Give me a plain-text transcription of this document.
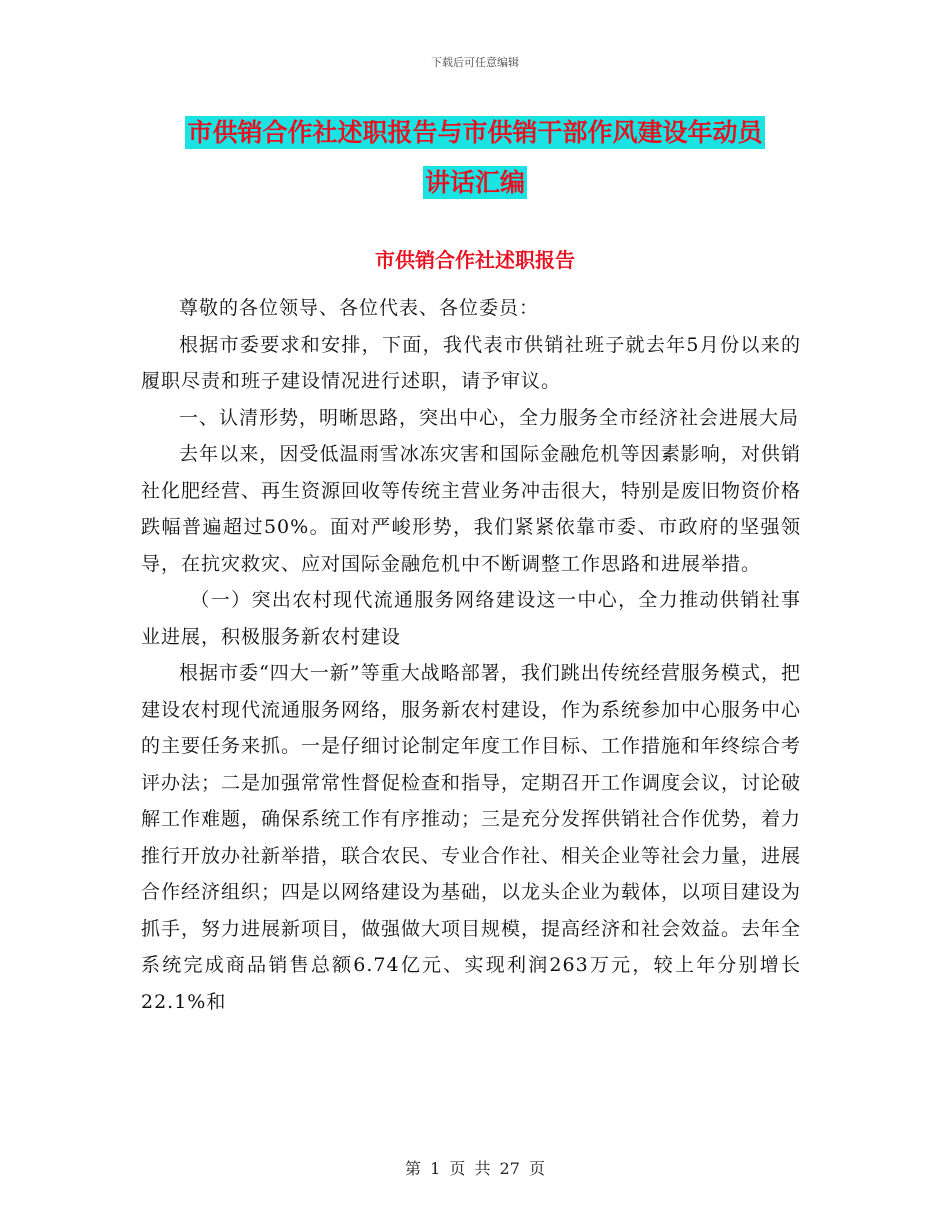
下载后可任意编辑
市供销合作社述职报告与市供销干部作风建设年动员
讲话汇编
市供销合作社述职报告

尊敬的各位领导、各位代表、各位委员：

根据市委要求和安排，下面，我代表市供销社班子就去年5月份以来的履职尽责和班子建设情况进行述职，请予审议。

一、认清形势，明晰思路，突出中心，全力服务全市经济社会进展大局

去年以来，因受低温雨雪冰冻灾害和国际金融危机等因素影响，对供销社化肥经营、再生资源回收等传统主营业务冲击很大，特别是废旧物资价格跌幅普遍超过50%。面对严峻形势，我们紧紧依靠市委、市政府的坚强领导，在抗灾救灾、应对国际金融危机中不断调整工作思路和进展举措。

（一）突出农村现代流通服务网络建设这一中心，全力推动供销社事业进展，积极服务新农村建设

根据市委“四大一新”等重大战略部署，我们跳出传统经营服务模式，把建设农村现代流通服务网络，服务新农村建设，作为系统参加中心服务中心的主要任务来抓。一是仔细讨论制定年度工作目标、工作措施和年终综合考评办法；二是加强常常性督促检查和指导，定期召开工作调度会议，讨论破解工作难题，确保系统工作有序推动；三是充分发挥供销社合作优势，着力推行开放办社新举措，联合农民、专业合作社、相关企业等社会力量，进展合作经济组织；四是以网络建设为基础，以龙头企业为载体，以项目建设为抓手，努力进展新项目，做强做大项目规模，提高经济和社会效益。去年全系统完成商品销售总额6.74亿元、实现利润263万元，较上年分别增长22.1%和

第 1 页 共 27 页
